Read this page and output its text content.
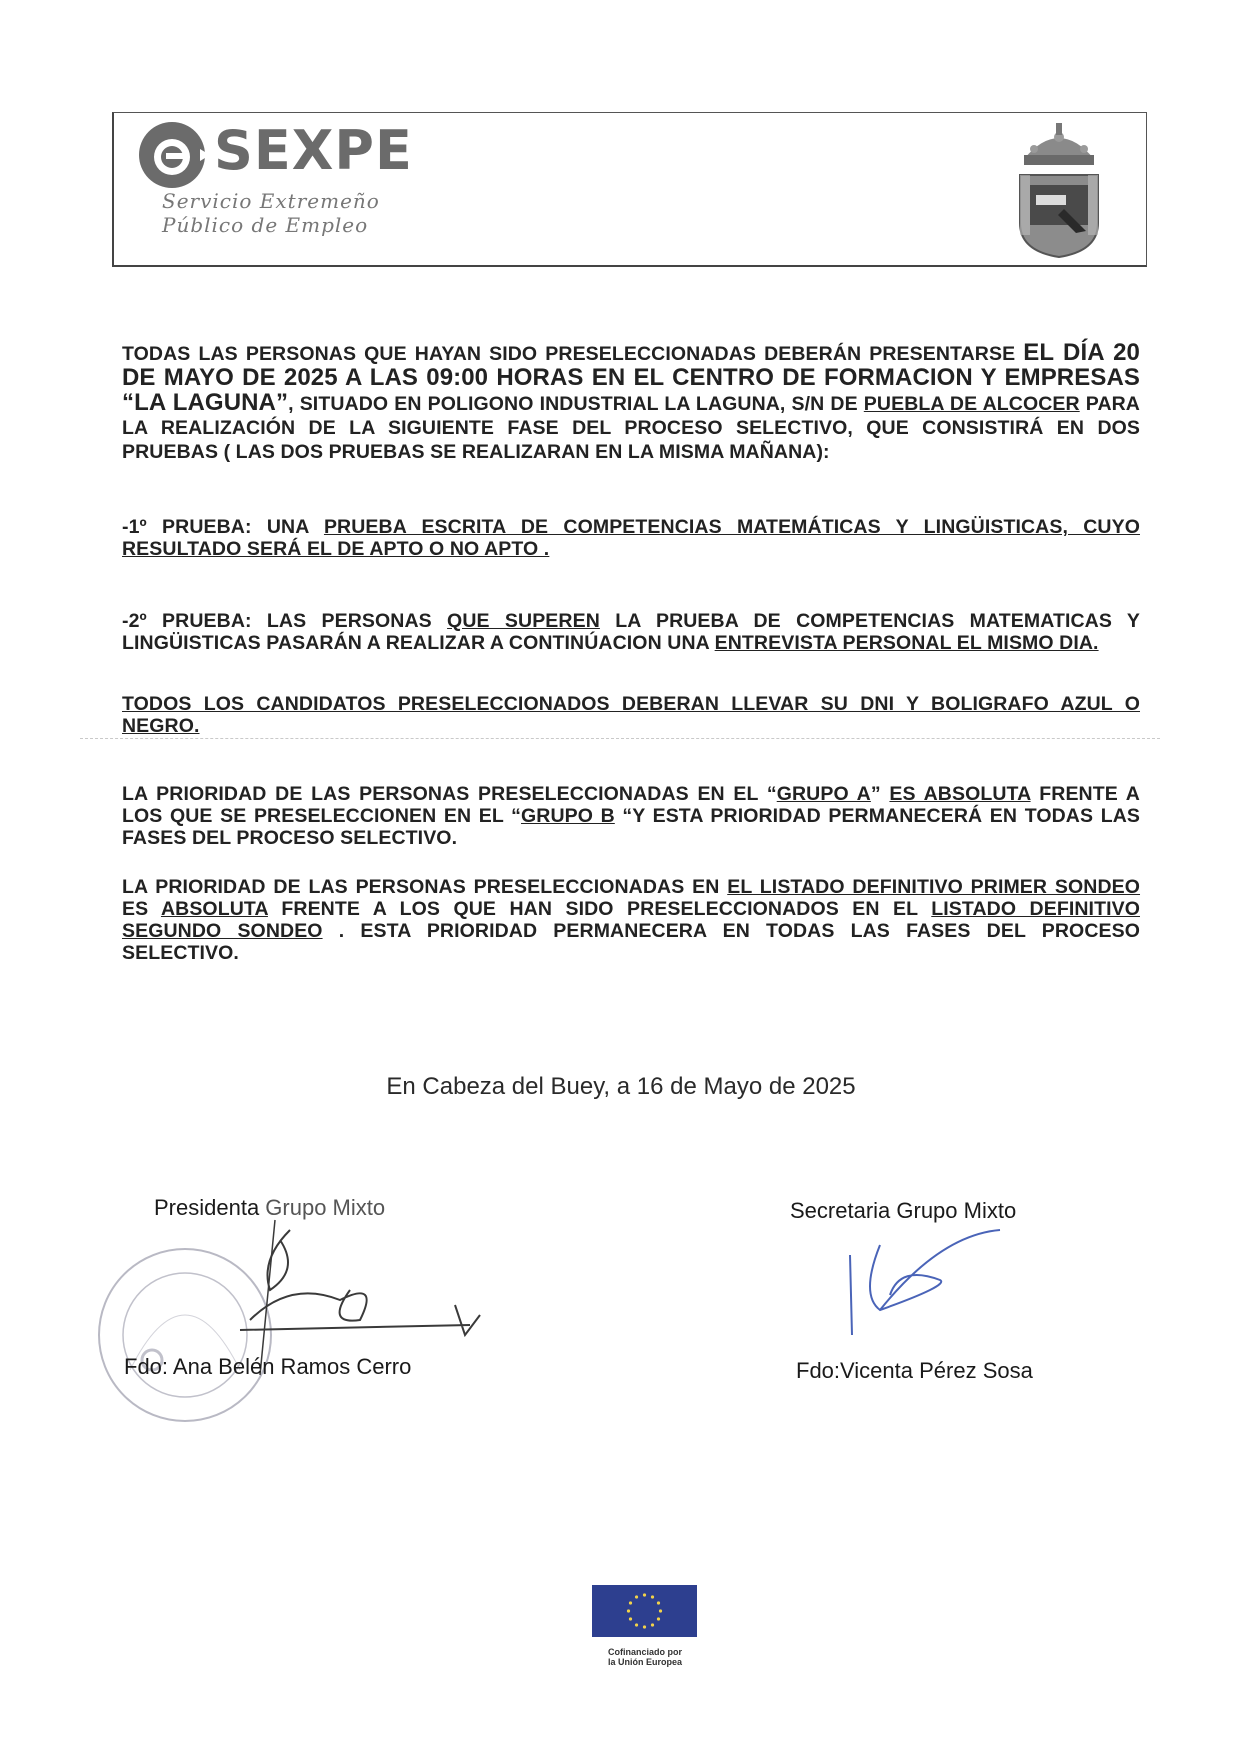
SEXPE
Servicio Extremeño
Público de Empleo
TODAS LAS PERSONAS QUE HAYAN SIDO PRESELECCIONADAS DEBERÁN PRESENTARSE EL DÍA 20 DE MAYO DE 2025 A LAS 09:00 HORAS EN EL CENTRO DE FORMACION Y EMPRESAS “LA LAGUNA”, SITUADO EN POLIGONO INDUSTRIAL LA LAGUNA, S/N DE PUEBLA DE ALCOCER PARA LA REALIZACIÓN DE LA SIGUIENTE FASE DEL PROCESO SELECTIVO, QUE CONSISTIRÁ EN DOS PRUEBAS ( LAS DOS PRUEBAS SE REALIZARAN EN LA MISMA MAÑANA):
-1º PRUEBA: UNA PRUEBA ESCRITA DE COMPETENCIAS MATEMÁTICAS Y LINGÜISTICAS, CUYO RESULTADO SERÁ EL DE APTO O NO APTO .
-2º PRUEBA: LAS PERSONAS QUE SUPEREN LA PRUEBA DE COMPETENCIAS MATEMATICAS Y LINGÜISTICAS PASARÁN A REALIZAR A CONTINÚACION UNA ENTREVISTA PERSONAL EL MISMO DIA.
TODOS LOS CANDIDATOS PRESELECCIONADOS DEBERAN LLEVAR SU DNI Y BOLIGRAFO AZUL O NEGRO.
LA PRIORIDAD DE LAS PERSONAS PRESELECCIONADAS EN EL “GRUPO A” ES ABSOLUTA FRENTE A LOS QUE SE PRESELECCIONEN EN EL “GRUPO B “Y ESTA PRIORIDAD PERMANECERÁ EN TODAS LAS FASES DEL PROCESO SELECTIVO.
LA PRIORIDAD DE LAS PERSONAS PRESELECCIONADAS EN EL LISTADO DEFINITIVO PRIMER SONDEO ES ABSOLUTA FRENTE A LOS QUE HAN SIDO PRESELECCIONADOS EN EL LISTADO DEFINITIVO SEGUNDO SONDEO . ESTA PRIORIDAD PERMANECERA EN TODAS LAS FASES DEL PROCESO SELECTIVO.
En Cabeza del Buey, a 16 de Mayo de 2025
Presidenta Grupo Mixto
Fdo: Ana Belén Ramos Cerro
Secretaria Grupo Mixto
Fdo:Vicenta Pérez Sosa
Cofinanciado por
la Unión Europea
